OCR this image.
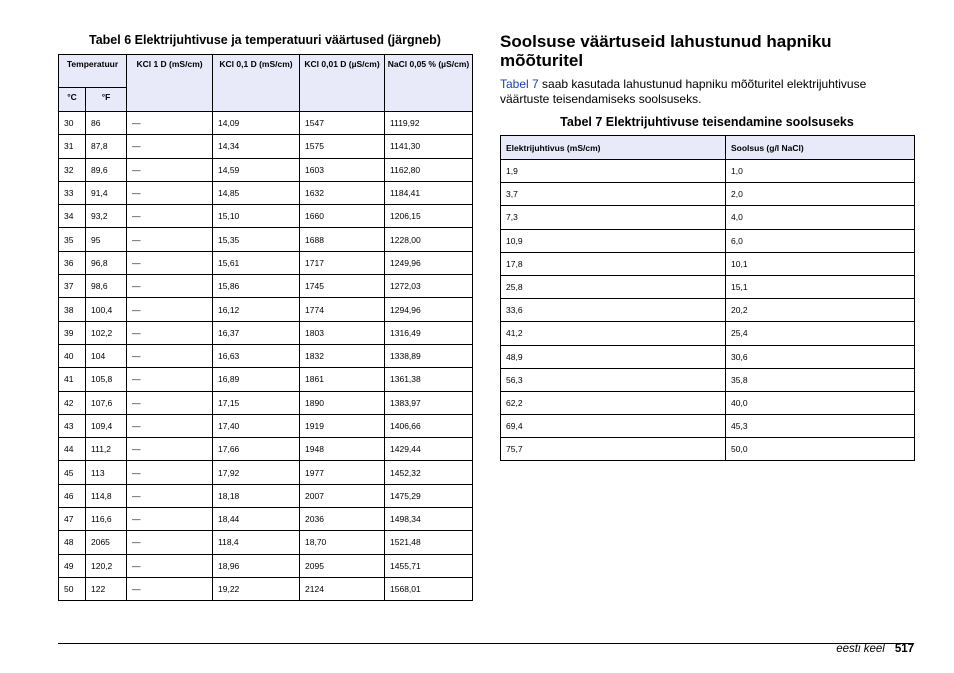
Tabel 6 Elektrijuhtivuse ja temperatuuri väärtused (järgneb)
Temperatuur		KCl 1 D (mS/cm)	KCl 0,1 D (mS/cm)	KCl 0,01 D (µS/cm)	NaCl 0,05 % (µS/cm)
°C	°F				
30	86	—	14,09	1547	1119,92
31	87,8	—	14,34	1575	1141,30
32	89,6	—	14,59	1603	1162,80
33	91,4	—	14,85	1632	1184,41
34	93,2	—	15,10	1660	1206,15
35	95	—	15,35	1688	1228,00
36	96,8	—	15,61	1717	1249,96
37	98,6	—	15,86	1745	1272,03
38	100,4	—	16,12	1774	1294,96
39	102,2	—	16,37	1803	1316,49
40	104	—	16,63	1832	1338,89
41	105,8	—	16,89	1861	1361,38
42	107,6	—	17,15	1890	1383,97
43	109,4	—	17,40	1919	1406,66
44	111,2	—	17,66	1948	1429,44
45	113	—	17,92	1977	1452,32
46	114,8	—	18,18	2007	1475,29
47	116,6	—	18,44	2036	1498,34
48	2065	—	118,4	18,70	1521,48
49	120,2	—	18,96	2095	1455,71
50	122	—	19,22	2124	1568,01
Soolsuse väärtuseid lahustunud hapniku mõõturitel
Tabel 7 saab kasutada lahustunud hapniku mõõturitel elektrijuhtivuse väärtuste teisendamiseks soolsuseks.
Tabel 7 Elektrijuhtivuse teisendamine soolsuseks
Elektrijuhtivus (mS/cm)	Soolsus (g/l NaCl)
1,9	1,0
3,7	2,0
7,3	4,0
10,9	6,0
17,8	10,1
25,8	15,1
33,6	20,2
41,2	25,4
48,9	30,6
56,3	35,8
62,2	40,0
69,4	45,3
75,7	50,0
eesti keel 517
